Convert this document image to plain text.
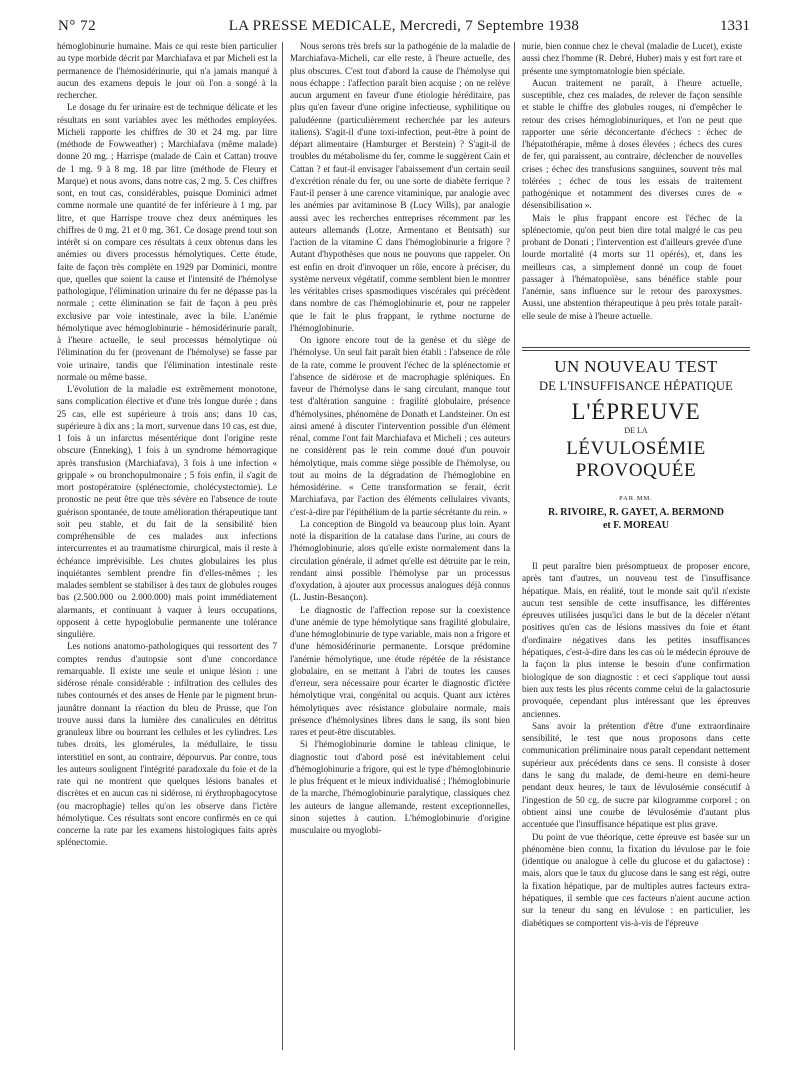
N° 72	LA PRESSE MEDICALE, Mercredi, 7 Septembre 1938	1331

hémoglobinurie humaine. Mais ce qui reste bien particulier au type morbide décrit par Marchiafava et par Micheli est la permanence de l'hémosidérinurie, qui n'a jamais manqué à aucun des examens depuis le jour où l'on a songé à la rechercher.

Le dosage du fer urinaire est de technique délicate et les résultats en sont variables avec les méthodes employées. Micheli rapporte les chiffres de 30 et 24 mg. par litre (méthode de Fowweather) ; Marchiafava (même malade) donne 20 mg. ; Harrispe (malade de Cain et Cattan) trouve de 1 mg. 9 à 8 mg. 18 par litre (méthode de Fleury et Marque) et nous avons, dans notre cas, 2 mg. 5. Ces chiffres sont, en tout cas, considérables, puisque Dominici admet comme normale une quantité de fer inférieure à 1 mg. par litre, et que Harrispe trouve chez deux anémiques les chiffres de 0 mg. 21 et 0 mg. 361. Ce dosage prend tout son intérêt si on compare ces résultats à ceux obtenus dans les anémies ou divers processus hémolytiques. Cette étude, faite de façon très complète en 1929 par Dominici, montre que, quelles que soient la cause et l'intensité de l'hémolyse pathologique, l'élimination urinaire du fer ne dépasse pas la normale ; cette élimination se fait de façon à peu près exclusive par voie intestinale, avec la bile. L'anémie hémolytique avec hémoglobinurie - hémosidérinurie paraît, à l'heure actuelle, le seul processus hémolytique où l'élimination du fer (provenant de l'hémolyse) se fasse par voie urinaire, tandis que l'élimination intestinale reste normale ou même basse.

L'évolution de la maladie est extrêmement monotone, sans complication élective et d'une très longue durée ; dans 25 cas, elle est supérieure à trois ans; dans 10 cas, supérieure à dix ans ; la mort, survenue dans 10 cas, est due, 1 fois à un infarctus mésentérique dont l'origine reste obscure (Enneking), 1 fois à un syndrome hémorragique après transfusion (Marchiafava), 3 fois à une infection « grippale » ou bronchopulmonaire ; 5 fois enfin, il s'agit de mort postopératoire (splénectomie, cholécystectomie). Le pronostic ne peut être que très sévère en l'absence de toute guérison spontanée, de toute amélioration thérapeutique tant soit peu stable, et du fait de la sensibilité bien compréhensible de ces malades aux infections intercurrentes et au traumatisme chirurgical, mais il reste à échéance imprévisible. Les chutes globulaires les plus inquiétantes semblent prendre fin d'elles-mêmes ; les malades semblent se stabiliser à des taux de globules rouges bas (2.500.000 ou 2.000.000) mais point immédiatement alarmants, et continuant à vaquer à leurs occupations, opposent à cette hypoglobulie permanente une tolérance singulière.

Les notions anatomo-pathologiques qui ressortent des 7 comptes rendus d'autopsie sont d'une concordance remarquable. Il existe une seule et unique lésion : une sidérose rénale considérable : infiltration des cellules des tubes contournés et des anses de Henle par le pigment brun-jaunâtre donnant la réaction du bleu de Prusse, que l'on trouve aussi dans la lumière des canalicules en détritus granuleux libre ou bourrant les cellules et les cylindres. Les tubes droits, les glomérules, la médullaire, le tissu interstitiel en sont, au contraire, dépourvus. Par contre, tous les auteurs soulignent l'intégrité paradoxale du foie et de la rate qui ne montrent que quelques lésions banales et discrètes et en aucun cas ni sidérose, ni érythrophagocytose (ou macrophagie) telles qu'on les observe dans l'ictère hémolytique. Ces résultats sont encore confirmés en ce qui concerne la rate par les examens histologiques faits après splénectomie.

Nous serons très brefs sur la pathogénie de la maladie de Marchiafava-Micheli, car elle reste, à l'heure actuelle, des plus obscures. C'est tout d'abord la cause de l'hémolyse qui nous échappe : l'affection paraît bien acquise ; on ne relève aucun argument en faveur d'une étiologie héréditaire, pas plus qu'en faveur d'une origine infectieuse, syphilitique ou paludéenne (particulièrement recherchée par les auteurs italiens). S'agit-il d'une toxi-infection, peut-être à point de départ alimentaire (Hamburger et Berstein) ? S'agit-il de troubles du métabolisme du fer, comme le suggèrent Cain et Cattan ? et faut-il envisager l'abaissement d'un certain seuil d'excrétion rénale du fer, ou une sorte de diabète ferrique ? Faut-il penser à une carence vitaminique, par analogie avec les anémies par avitaminose B (Lucy Wills), par analogie aussi avec les recherches entreprises récemment par les auteurs allemands (Lotze, Armentano et Bentsath) sur l'action de la vitamine C dans l'hémoglobinurie a frigore ? Autant d'hypothèses que nous ne pouvons que rappeler. On est enfin en droit d'invoquer un rôle, encore à préciser, du système nerveux végétatif, comme semblent bien le montrer les véritables crises spasmodiques viscérales qui précèdent dans nombre de cas l'hémoglobinurie et, pour ne rappeler que le fait le plus frappant, le rythme nocturne de l'hémoglobinurie.

On ignore encore tout de la genèse et du siège de l'hémolyse. Un seul fait paraît bien établi : l'absence de rôle de la rate, comme le prouvent l'échec de la splénectomie et l'absence de sidérose et de macrophagie spléniques. En faveur de l'hémolyse dans le sang circulant, manque tout test d'altération sanguine : fragilité globulaire, présence d'hémolysines, phénomène de Donath et Landsteiner. On est ainsi amené à discuter l'intervention possible d'un élément rénal, comme l'ont fait Marchiafava et Micheli ; ces auteurs ne considèrent pas le rein comme doué d'un pouvoir hémolytique, mais comme siège possible de l'hémolyse, ou tout au moins de la dégradation de l'hémoglobine en hémosidérine. « Cette transformation se ferait, écrit Marchiafava, par l'action des éléments cellulaires vivants, c'est-à-dire par l'épithélium de la partie sécrétante du rein. »

La conception de Bingold va beaucoup plus loin. Ayant noté la disparition de la catalase dans l'urine, au cours de l'hémoglobinurie, alors qu'elle existe normalement dans la circulation générale, il admet qu'elle est détruite par le rein, rendant ainsi possible l'hémolyse par un processus d'oxydation, à ajouter aux processus analogues déjà connus (L. Justin-Besançon).

Le diagnostic de l'affection repose sur la coexistence d'une anémie de type hémolytique sans fragilité globulaire, d'une hémoglobinurie de type variable, mais non a frigore et d'une hémosidérinurie permanente. Lorsque prédomine l'anémie hémolytique, une étude répétée de la résistance globulaire, en se mettant à l'abri de toutes les causes d'erreur, sera nécessaire pour écarter le diagnostic d'ictère hémolytique vrai, congénital ou acquis. Quant aux ictères hémolytiques avec résistance globulaire normale, mais présence d'hémolysines libres dans le sang, ils sont bien rares et peut-être discutables.

Si l'hémoglobinurie domine le tableau clinique, le diagnostic tout d'abord posé est inévitablement celui d'hémoglobinurie a frigore, qui est le type d'hémoglobinurie le plus fréquent et le mieux individualisé ; l'hémoglobinurie de la marche, l'hémoglobinurie paralytique, classiques chez les auteurs de langue allemande, restent exceptionnelles, sinon sujettes à caution. L'hémoglobinurie d'origine musculaire ou myoglobi-

nurie, bien connue chez le cheval (maladie de Lucet), existe aussi chez l'homme (R. Debré, Huber) mais y est fort rare et présente une symptomatologie bien spéciale.

Aucun traitement ne paraît, à l'heure actuelle, susceptible, chez ces malades, de relever de façon sensible et stable le chiffre des globules rouges, ni d'empêcher le retour des crises hémoglobinuriques, et l'on ne peut que rapporter une série déconcertante d'échecs : échec de l'hépatothérapie, même à doses élevées ; échecs des cures de fer, qui paraissent, au contraire, déclencher de nouvelles crises ; échec des transfusions sanguines, souvent très mal tolérées ; échec de tous les essais de traitement pathogénique et notamment des diverses cures de « désensibilisation ».

Mais le plus frappant encore est l'échec de la splénectomie, qu'on peut bien dire total malgré le cas peu probant de Donati ; l'intervention est d'ailleurs grevée d'une lourde mortalité (4 morts sur 11 opérés), et, dans les meilleurs cas, a simplement donné un coup de fouet passager à l'hématopoïèse, sans bénéfice stable pour l'anémie, sans influence sur le retour des paroxysmes. Aussi, une abstention thérapeutique à peu près totale paraît-elle seule de mise à l'heure actuelle.

UN NOUVEAU TEST
DE L'INSUFFISANCE HÉPATIQUE
L'ÉPREUVE
DE LA
LÉVULOSÉMIE PROVOQUÉE
PAR MM.
R. RIVOIRE, R. GAYET, A. BERMOND
et F. MOREAU

Il peut paraître bien présomptueux de proposer encore, après tant d'autres, un nouveau test de l'insuffisance hépatique. Mais, en réalité, tout le monde sait qu'il n'existe aucun test sensible de cette insuffisance, les différentes épreuves utilisées jusqu'ici dans le but de la déceler n'étant positives qu'en cas de lésions massives du foie et étant d'ordinaire négatives dans les petites insuffisances hépatiques, c'est-à-dire dans les cas où le médecin éprouve de la façon la plus intense le besoin d'une confirmation biologique de son diagnostic : et ceci s'applique tout aussi bien aux tests les plus récents comme celui de la galactosurie provoquée, cependant plus intéressant que les épreuves anciennes.

Sans avoir la prétention d'être d'une extraordinaire sensibilité, le test que nous proposons dans cette communication préliminaire nous paraît cependant nettement supérieur aux précédents dans ce sens. Il consiste à doser dans le sang du malade, de demi-heure en demi-heure pendant deux heures, le taux de lévulosémie consécutif à l'ingestion de 50 cg. de sucre par kilogramme corporel ; on obtient ainsi une courbe de lévulosémie d'autant plus accentuée que l'insuffisance hépatique est plus grave.

Du point de vue théorique, cette épreuve est basée sur un phénomène bien connu, la fixation du lévulose par le foie (identique ou analogue à celle du glucose et du galactose) : mais, alors que le taux du glucose dans le sang est régi, outre la fixation hépatique, par de multiples autres facteurs extra-hépatiques, il semble que ces facteurs n'aient aucune action sur la teneur du sang en lévulose : en particulier, les diabétiques se comportent vis-à-vis de l'épreuve
